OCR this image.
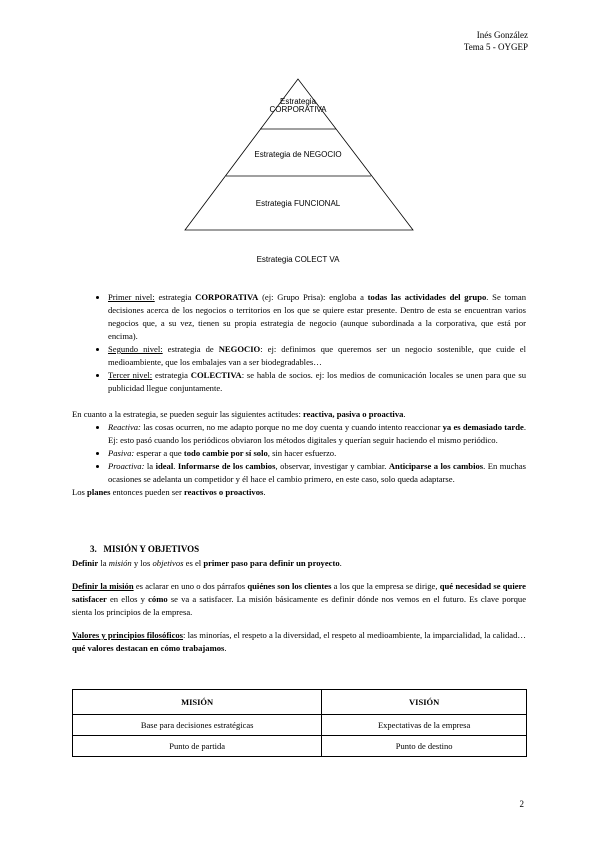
Inés González
Tema 5 - OYGEP
Estrategia
CORPORATIVA
Estrategia de NEGOCIO
Estrategia FUNCIONAL
Estrategia COLECT VA
• Primer nivel: estrategia CORPORATIVA (ej: Grupo Prisa): engloba a todas las actividades del grupo. Se toman decisiones acerca de los negocios o territorios en los que se quiere estar presente. Dentro de esta se encuentran varios negocios que, a su vez, tienen su propia estrategia de negocio (aunque subordinada a la corporativa, que está por encima).
• Segundo nivel: estrategia de NEGOCIO: ej: definimos que queremos ser un negocio sostenible, que cuide el medioambiente, que los embalajes van a ser biodegradables…
• Tercer nivel: estrategia COLECTIVA: se habla de socios. ej: los medios de comunicación locales se unen para que su publicidad llegue conjuntamente.

En cuanto a la estrategia, se pueden seguir las siguientes actitudes: reactiva, pasiva o proactiva.

• Reactiva: las cosas ocurren, no me adapto porque no me doy cuenta y cuando intento reaccionar ya es demasiado tarde. Ej: esto pasó cuando los periódicos obviaron los métodos digitales y querían seguir haciendo el mismo periódico.
• Pasiva: esperar a que todo cambie por sí solo, sin hacer esfuerzo.
• Proactiva: la ideal. Informarse de los cambios, observar, investigar y cambiar. Anticiparse a los cambios. En muchas ocasiones se adelanta un competidor y él hace el cambio primero, en este caso, solo queda adaptarse.

Los planes entonces pueden ser reactivos o proactivos.

3. MISIÓN Y OBJETIVOS

Definir la misión y los objetivos es el primer paso para definir un proyecto.

Definir la misión es aclarar en uno o dos párrafos quiénes son los clientes a los que la empresa se dirige, qué necesidad se quiere satisfacer en ellos y cómo se va a satisfacer. La misión básicamente es definir dónde nos vemos en el futuro. Es clave porque sienta los principios de la empresa.

Valores y principios filosóficos: las minorías, el respeto a la diversidad, el respeto al medioambiente, la imparcialidad, la calidad… qué valores destacan en cómo trabajamos.

MISIÓN	VISIÓN
Base para decisiones estratégicas	Expectativas de la empresa
Punto de partida	Punto de destino
2
